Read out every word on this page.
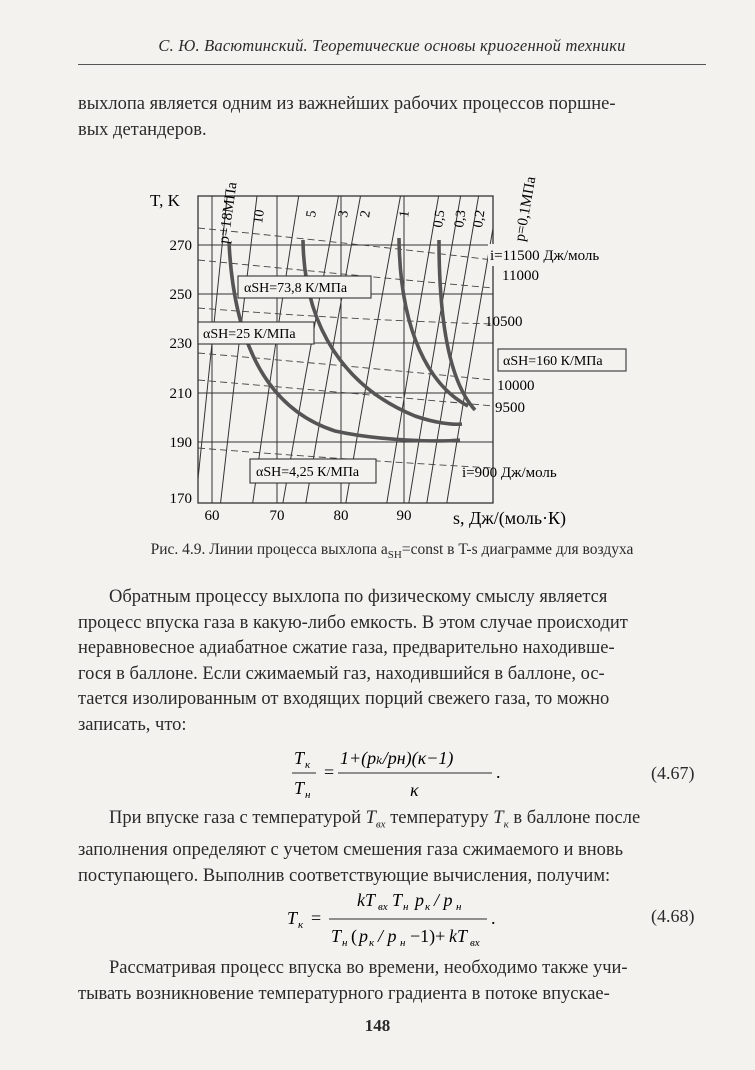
С. Ю. Васютинский. Теоретические основы криогенной техники

выхлопа является одним из важнейших рабочих процессов поршне-
вых детандеров.

T, K
s, Дж/(моль·К)
270
250
230
210
190
170
60	70	80	90
p=18МПа 10	5 3 2 1 0,5 0,3 0,2 p=0,1МПа
i=11500 Дж/моль
11000
10500
10000
9500
i=900 Дж/моль
αSH=73,8 К/МПа
αSH=25 К/МПа
αSH=160 К/МПа
αSH=4,25 К/МПа
Рис. 4.9. Линии процесса выхлопа $a_{SH}=const$ в T-s диаграмме для воздуха

Обратным процессу выхлопа по физическому смыслу является
процесс впуска газа в какую-либо емкость. В этом случае происходит
неравновесное адиабатное сжатие газа, предварительно находивше-
гося в баллоне. Если сжимаемый газ, находившийся в баллоне, ос-
тается изолированным от входящих порций свежего газа, то можно
записать, что:

T к
T н
=
1+(pₖ/pн)(κ−1)
κ
.	(4.67)

При впуске газа с температурой $T_{вх}$ температуру $T_к$ в баллоне после
заполнения определяют с учетом смешения газа сжимаемого и вновь
поступающего. Выполнив соответствующие вычисления, получим:

T к =
kT вх T н p к / p н
T н ( p к / p н −1)+ kT вх
.	(4.68)

Рассматривая процесс впуска во времени, необходимо также учи-
тывать возникновение температурного градиента в потоке впускае-

148
